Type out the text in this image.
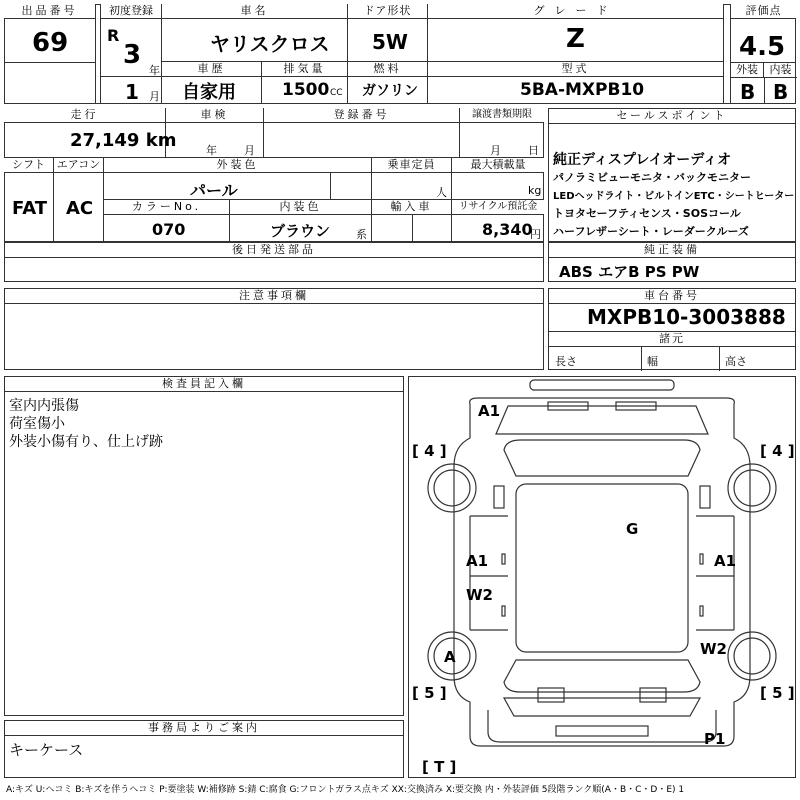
出品番号
69
初度登録
R
3
年
1 月
車名
ヤリスクロス
ドア形状
5W
グレード
Z
評価点
4.5
外装	内装
B B
車歴
自家用
排気量
1500 CC
燃料
ガソリン
型式
5BA-MXPB10
走行
27,149 km
車検
年 月
登録番号	譲渡書類期限
月 日
シフト
FAT
エアコン
AC
外装色
パール
乗車定員
人
最大積載量
kg
カラーNo.
070
内装色
ブラウン 系
輸入車	リサイクル預託金
8,340
円
後日発送部品
セールスポイント
純正ディスプレイオーディオ
パノラミビューモニタ・バックモニター
LEDヘッドライト・ビルトインETC・シートヒーター
トヨタセーフティセンス・SOSコール
ハーフレザーシート・レーダークルーズ
純正装備
ABS エアB PS PW
注意事項欄	車台番号
MXPB10-3003888
諸元
長さ	幅	高さ
検査員記入欄
室内内張傷
荷室傷小
外装小傷有り、仕上げ跡
事務局よりご案内
キーケース
A1
[ 4 ]	[ 4 ]
G
A1	A1
W2
A	W2
[ 5 ]	[ 5 ]
P1
[ T ]
A:キズ U:ヘコミ B:キズを伴うヘコミ P:要塗装 W:補修跡 S:錆 C:腐食 G:フロントガラス点キズ XX:交換済み X:要交換 内・外装評価 5段階ランク順(A・B・C・D・E) 1
